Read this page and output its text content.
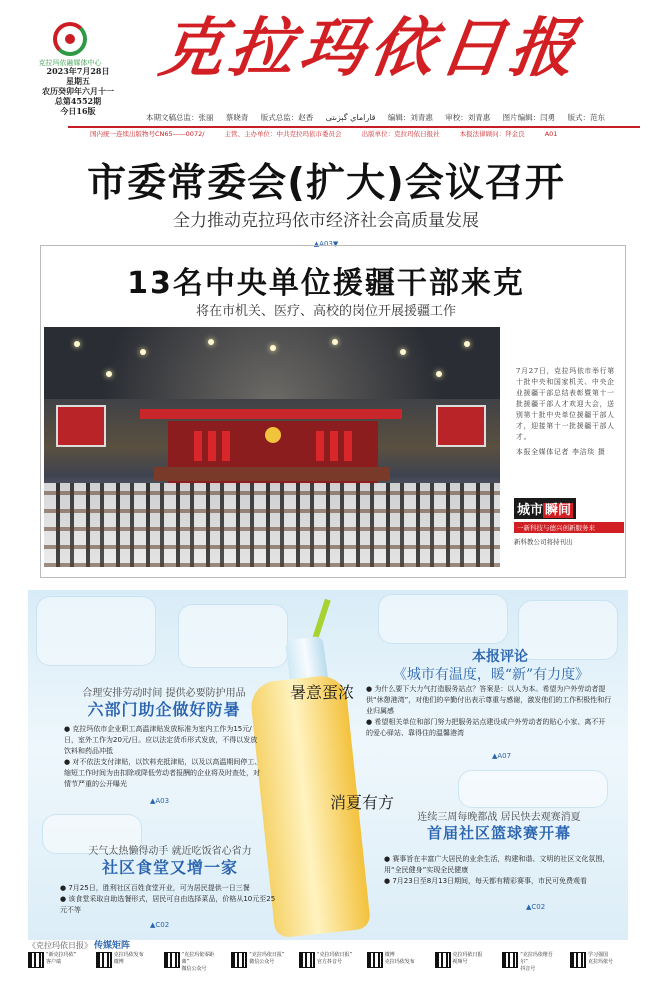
克拉玛依融媒体中心
2023年7月28日
星期五
农历癸卯年六月十一
总第4552期
今日16版
克拉玛依日报
本期文稿总监：张丽 蔡晓青 版式总监：赵香 قاراماي گېزىتى 编辑：刘青惠 审校：刘青惠 图片编辑：闫勇 版式：范东
国内统一连续出版物号CN65——0072/	主管、主办单位：中共克拉玛依市委员会	出版单位：克拉玛依日报社	本报法律顾问：拜金良	A01
市委常委会(扩大)会议召开
全力推动克拉玛依市经济社会高质量发展
▲A03▼
13名中央单位援疆干部来克
将在市机关、医疗、高校的岗位开展援疆工作
7月27日，克拉玛依市举行第十批中央和国家机关、中央企业援疆干部总结表彰暨第十一批援疆干部人才欢迎大会，送别第十批中央单位援疆干部人才，迎接第十一批援疆干部人才。
本报全媒体记者 李洁琰 摄
城市 瞬间
一新科技与德兴创新服务来
新科教公司将持刊出
暑意蛋浓
消夏有方
合理安排劳动时间 提供必要防护用品
六部门助企做好防暑

● 克拉玛依市企业职工高温津贴发放标准为室内工作为15元/日，室外工作为20元/日。应以法定货币形式发放，不得以发放饮料和药品冲抵

● 对不依法支付津贴，以饮料充抵津贴，以及以高温期间停工、缩短工作时间为由扣除或降低劳动者报酬的企业将及时查处，对情节严重的公开曝光

▲A03
天气太热懒得动手 就近吃饭省心省力
社区食堂又增一家

● 7月25日，胜利社区百姓食堂开业，可为居民提供一日三餐

● 该食堂采取自助选餐形式，居民可自由选择菜品，价格从10元至25元不等

▲C02
本报评论
《城市有温度，暖“新”有力度》

● 为什么要下大力气打造服务站点？答案是：以人为本。希望为户外劳动者提供“休憩港湾”，对他们的辛勤付出表示尊重与感谢，激发他们的工作积极性和行业归属感

● 希望相关单位和部门努力把服务站点建设成户外劳动者的贴心小家、离不开的爱心驿站、靠得住的温馨港湾

▲A07
连续三周每晚都战 居民快去观赛消夏
首届社区篮球赛开幕

● 赛事旨在丰富广大居民的业余生活，构建和谐、文明的社区文化氛围，用“全民健身”实现全民健康

● 7月23日至8月13日期间，每天都有精彩赛事，市民可免费观看

▲C02
《克拉玛依日报》 传媒矩阵
“新克拉玛依”
客户端
克拉玛依发布
微博
“克拉玛依零距离”
微信公众号
“克拉玛依日报”
微信公众号
“克拉玛依日报”
官方抖音号
微博
克拉玛依发布
克拉玛依日报
视频号
“克拉玛依维吾尔”
抖音号
学习强国
克拉玛依号
